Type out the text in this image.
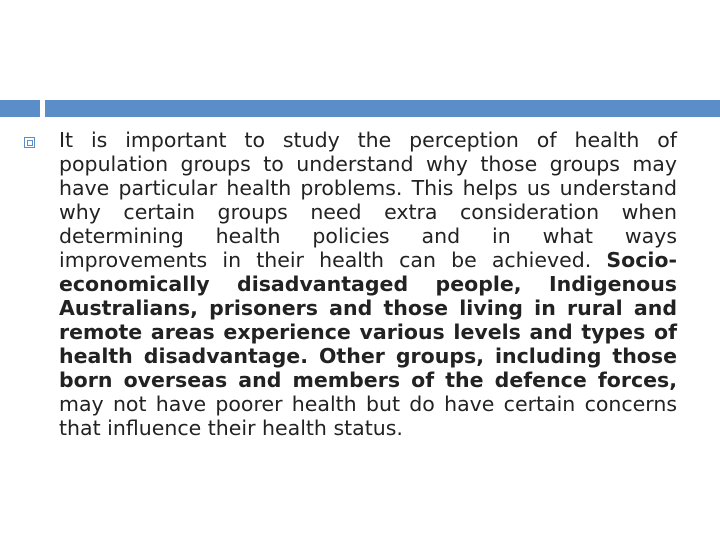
It is important to study the perception of health of population groups to understand why those groups may have particular health problems. This helps us understand why certain groups need extra consideration when determining health policies and in what ways improvements in their health can be achieved. Socio-economically disadvantaged people, Indigenous Australians, prisoners and those living in rural and remote areas experience various levels and types of health disadvantage. Other groups, including those born overseas and members of the defence forces, may not have poorer health but do have certain concerns that influence their health status.
